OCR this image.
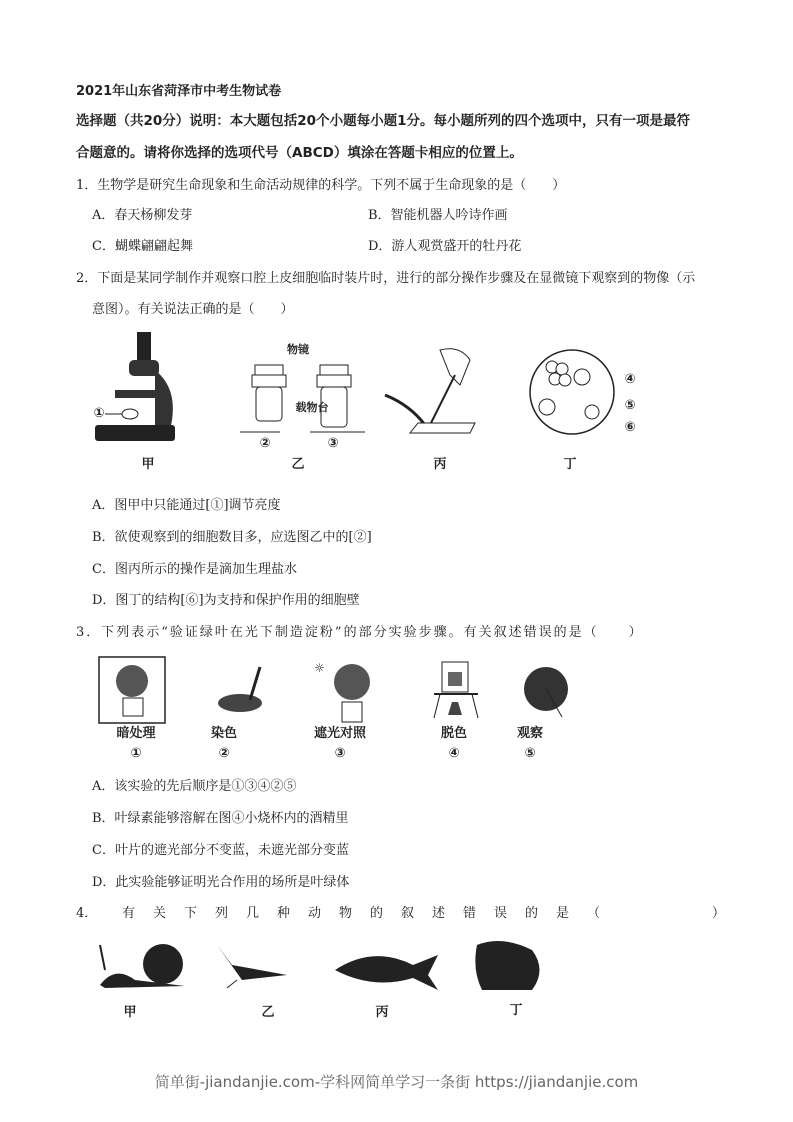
2021年山东省菏泽市中考生物试卷
选择题（共20分）说明：本大题包括20个小题每小题1分。每小题所列的四个选项中，只有一项是最符
合题意的。请将你选择的选项代号（ABCD）填涂在答题卡相应的位置上。
1．生物学是研究生命现象和生命活动规律的科学。下列不属于生命现象的是（　　）
A．春天杨柳发芽	B．智能机器人吟诗作画
C．蝴蝶翩翩起舞	D．游人观赏盛开的牡丹花
2．下面是某同学制作并观察口腔上皮细胞临时装片时，进行的部分操作步骤及在显微镜下观察到的物像（示
意图）。有关说法正确的是（　　）
①
甲
物镜
载物台
②	③
乙	丙
④
⑤
⑥
丁
A．图甲中只能通过[①]调节亮度
B．欲使观察到的细胞数目多，应选图乙中的[②]
C．图丙所示的操作是滴加生理盐水
D．图丁的结构[⑥]为支持和保护作用的细胞壁
3．下列表示“验证绿叶在光下制造淀粉”的部分实验步骤。有关叙述错误的是（　　）
☼
暗处理
①
染色
②
遮光对照
③
脱色
④
观察
⑤
A．该实验的先后顺序是①③④②⑤
B．叶绿素能够溶解在图④小烧杯内的酒精里
C．叶片的遮光部分不变蓝，未遮光部分变蓝
D．此实验能够证明光合作用的场所是叶绿体
4． 有关下列几种动物的叙述错误的是（	）
甲	乙	丙	丁
简单街-jiandanjie.com-学科网简单学习一条街 https://jiandanjie.com
